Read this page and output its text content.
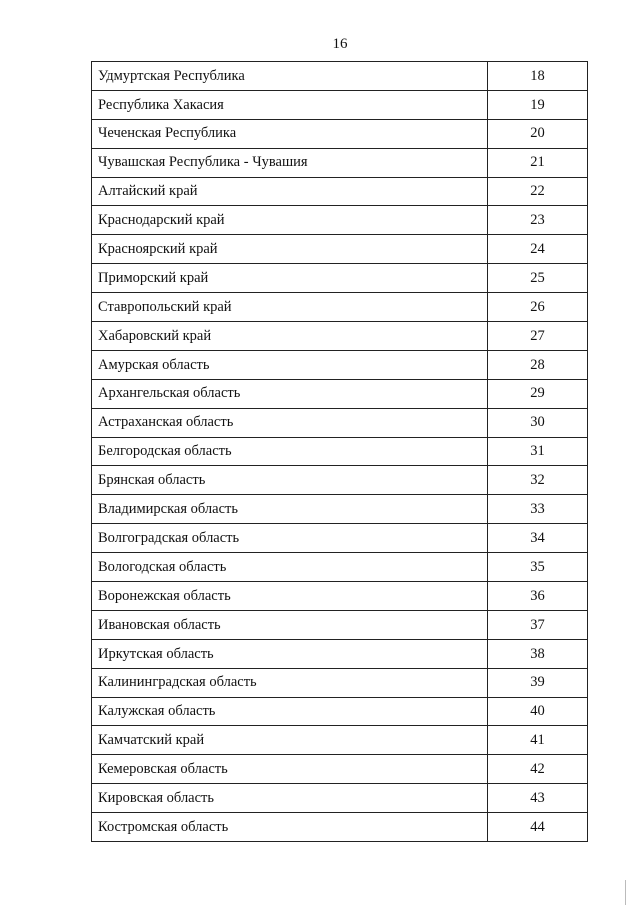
16
Удмуртская Республика	18
Республика Хакасия	19
Чеченская Республика	20
Чувашская Республика - Чувашия	21
Алтайский край	22
Краснодарский край	23
Красноярский край	24
Приморский край	25
Ставропольский край	26
Хабаровский край	27
Амурская область	28
Архангельская область	29
Астраханская область	30
Белгородская область	31
Брянская область	32
Владимирская область	33
Волгоградская область	34
Вологодская область	35
Воронежская область	36
Ивановская область	37
Иркутская область	38
Калининградская область	39
Калужская область	40
Камчатский край	41
Кемеровская область	42
Кировская область	43
Костромская область	44
